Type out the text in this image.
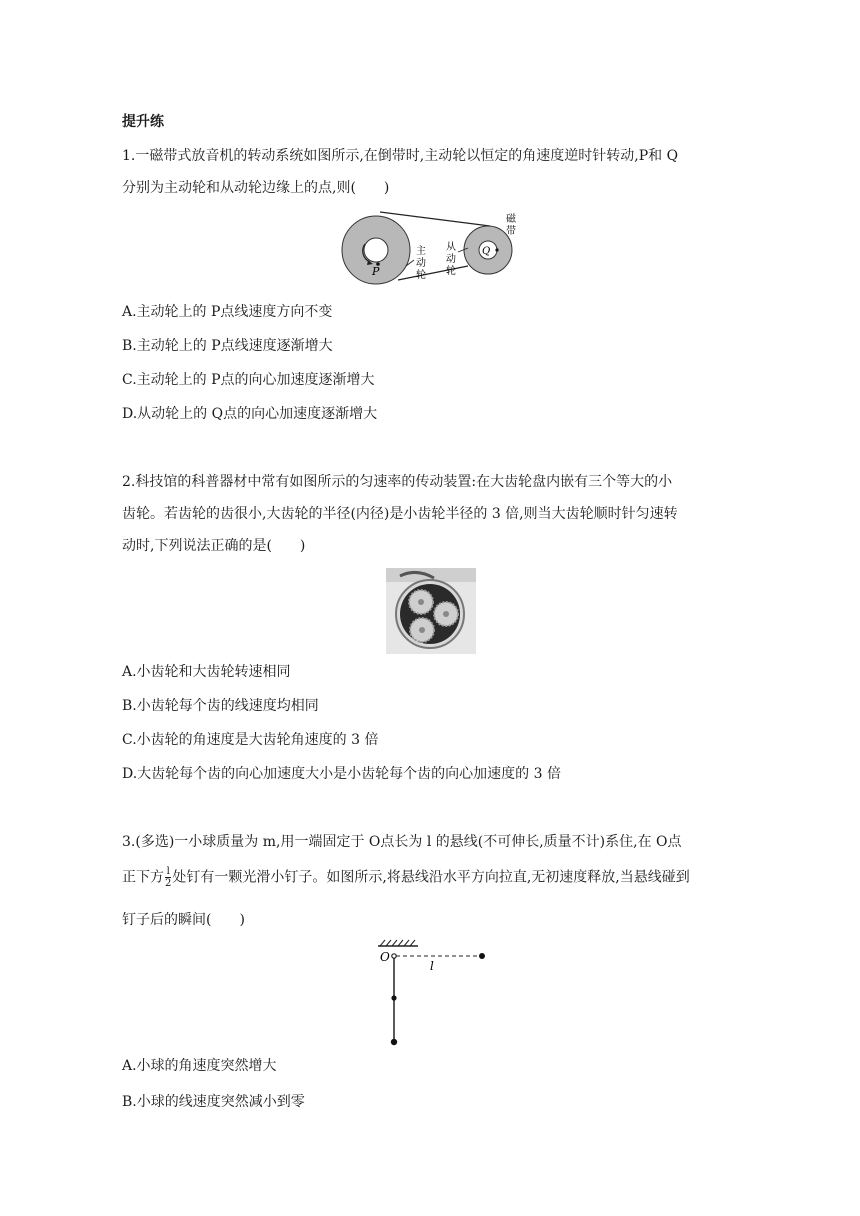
提升练
1.一磁带式放音机的转动系统如图所示,在倒带时,主动轮以恒定的角速度逆时针转动,P和 Q
分别为主动轮和从动轮边缘上的点,则(　　)
P
Q
主
动
轮
从
动
轮
磁
带
A.主动轮上的 P点线速度方向不变
B.主动轮上的 P点线速度逐渐增大
C.主动轮上的 P点的向心加速度逐渐增大
D.从动轮上的 Q点的向心加速度逐渐增大
2.科技馆的科普器材中常有如图所示的匀速率的传动装置:在大齿轮盘内嵌有三个等大的小
齿轮。若齿轮的齿很小,大齿轮的半径(内径)是小齿轮半径的 3 倍,则当大齿轮顺时针匀速转
动时,下列说法正确的是(　　)
A.小齿轮和大齿轮转速相同
B.小齿轮每个齿的线速度均相同
C.小齿轮的角速度是大齿轮角速度的 3 倍
D.大齿轮每个齿的向心加速度大小是小齿轮每个齿的向心加速度的 3 倍
3.(多选)一小球质量为 m,用一端固定于 O点长为 l 的悬线(不可伸长,质量不计)系住,在 O点
正下方 $\frac{l}{2}$ 处钉有一颗光滑小钉子。如图所示,将悬线沿水平方向拉直,无初速度释放,当悬线碰到
钉子后的瞬间(　　)
O
l
A.小球的角速度突然增大
B.小球的线速度突然减小到零
